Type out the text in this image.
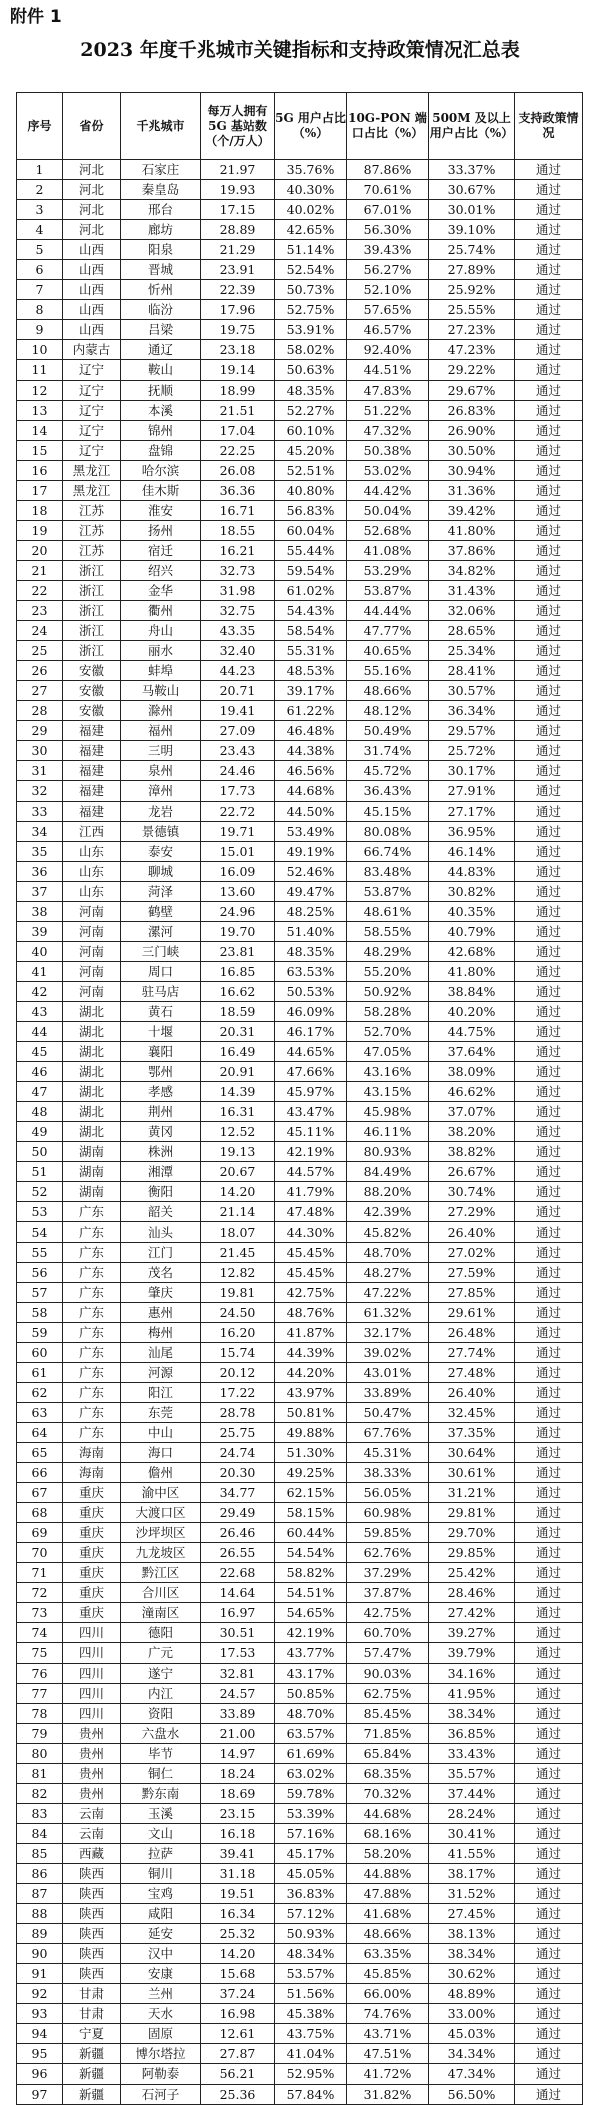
附件 1
2023 年度千兆城市关键指标和支持政策情况汇总表
序号	省份	千兆城市	每万人拥有 5G 基站数（个/万人）	5G 用户占比（%）	10G-PON 端口占比（%）	500M 及以上用户占比（%）	支持政策情况
1	河北	石家庄	21.97	35.76%	87.86%	33.37%	通过
2	河北	秦皇岛	19.93	40.30%	70.61%	30.67%	通过
3	河北	邢台	17.15	40.02%	67.01%	30.01%	通过
4	河北	廊坊	28.89	42.65%	56.30%	39.10%	通过
5	山西	阳泉	21.29	51.14%	39.43%	25.74%	通过
6	山西	晋城	23.91	52.54%	56.27%	27.89%	通过
7	山西	忻州	22.39	50.73%	52.10%	25.92%	通过
8	山西	临汾	17.96	52.75%	57.65%	25.55%	通过
9	山西	吕梁	19.75	53.91%	46.57%	27.23%	通过
10	内蒙古	通辽	23.18	58.02%	92.40%	47.23%	通过
11	辽宁	鞍山	19.14	50.63%	44.51%	29.22%	通过
12	辽宁	抚顺	18.99	48.35%	47.83%	29.67%	通过
13	辽宁	本溪	21.51	52.27%	51.22%	26.83%	通过
14	辽宁	锦州	17.04	60.10%	47.32%	26.90%	通过
15	辽宁	盘锦	22.25	45.20%	50.38%	30.50%	通过
16	黑龙江	哈尔滨	26.08	52.51%	53.02%	30.94%	通过
17	黑龙江	佳木斯	36.36	40.80%	44.42%	31.36%	通过
18	江苏	淮安	16.71	56.83%	50.04%	39.42%	通过
19	江苏	扬州	18.55	60.04%	52.68%	41.80%	通过
20	江苏	宿迁	16.21	55.44%	41.08%	37.86%	通过
21	浙江	绍兴	32.73	59.54%	53.29%	34.82%	通过
22	浙江	金华	31.98	61.02%	53.87%	31.43%	通过
23	浙江	衢州	32.75	54.43%	44.44%	32.06%	通过
24	浙江	舟山	43.35	58.54%	47.77%	28.65%	通过
25	浙江	丽水	32.40	55.31%	40.65%	25.34%	通过
26	安徽	蚌埠	44.23	48.53%	55.16%	28.41%	通过
27	安徽	马鞍山	20.71	39.17%	48.66%	30.57%	通过
28	安徽	滁州	19.41	61.22%	48.12%	36.34%	通过
29	福建	福州	27.09	46.48%	50.49%	29.57%	通过
30	福建	三明	23.43	44.38%	31.74%	25.72%	通过
31	福建	泉州	24.46	46.56%	45.72%	30.17%	通过
32	福建	漳州	17.73	44.68%	36.43%	27.91%	通过
33	福建	龙岩	22.72	44.50%	45.15%	27.17%	通过
34	江西	景德镇	19.71	53.49%	80.08%	36.95%	通过
35	山东	泰安	15.01	49.19%	66.74%	46.14%	通过
36	山东	聊城	16.09	52.46%	83.48%	44.83%	通过
37	山东	菏泽	13.60	49.47%	53.87%	30.82%	通过
38	河南	鹤壁	24.96	48.25%	48.61%	40.35%	通过
39	河南	漯河	19.70	51.40%	58.55%	40.79%	通过
40	河南	三门峡	23.81	48.35%	48.29%	42.68%	通过
41	河南	周口	16.85	63.53%	55.20%	41.80%	通过
42	河南	驻马店	16.62	50.53%	50.92%	38.84%	通过
43	湖北	黄石	18.59	46.09%	58.28%	40.20%	通过
44	湖北	十堰	20.31	46.17%	52.70%	44.75%	通过
45	湖北	襄阳	16.49	44.65%	47.05%	37.64%	通过
46	湖北	鄂州	20.91	47.66%	43.16%	38.09%	通过
47	湖北	孝感	14.39	45.97%	43.15%	46.62%	通过
48	湖北	荆州	16.31	43.47%	45.98%	37.07%	通过
49	湖北	黄冈	12.52	45.11%	46.11%	38.20%	通过
50	湖南	株洲	19.13	42.19%	80.93%	38.82%	通过
51	湖南	湘潭	20.67	44.57%	84.49%	26.67%	通过
52	湖南	衡阳	14.20	41.79%	88.20%	30.74%	通过
53	广东	韶关	21.14	47.48%	42.39%	27.29%	通过
54	广东	汕头	18.07	44.30%	45.82%	26.40%	通过
55	广东	江门	21.45	45.45%	48.70%	27.02%	通过
56	广东	茂名	12.82	45.45%	48.27%	27.59%	通过
57	广东	肇庆	19.81	42.75%	47.22%	27.85%	通过
58	广东	惠州	24.50	48.76%	61.32%	29.61%	通过
59	广东	梅州	16.20	41.87%	32.17%	26.48%	通过
60	广东	汕尾	15.74	44.39%	39.02%	27.74%	通过
61	广东	河源	20.12	44.20%	43.01%	27.48%	通过
62	广东	阳江	17.22	43.97%	33.89%	26.40%	通过
63	广东	东莞	28.78	50.81%	50.47%	32.45%	通过
64	广东	中山	25.75	49.88%	67.76%	37.35%	通过
65	海南	海口	24.74	51.30%	45.31%	30.64%	通过
66	海南	儋州	20.30	49.25%	38.33%	30.61%	通过
67	重庆	渝中区	34.77	62.15%	56.05%	31.21%	通过
68	重庆	大渡口区	29.49	58.15%	60.98%	29.81%	通过
69	重庆	沙坪坝区	26.46	60.44%	59.85%	29.70%	通过
70	重庆	九龙坡区	26.55	54.54%	62.76%	29.85%	通过
71	重庆	黔江区	22.68	58.82%	37.29%	25.42%	通过
72	重庆	合川区	14.64	54.51%	37.87%	28.46%	通过
73	重庆	潼南区	16.97	54.65%	42.75%	27.42%	通过
74	四川	德阳	30.51	42.19%	60.70%	39.27%	通过
75	四川	广元	17.53	43.77%	57.47%	39.79%	通过
76	四川	遂宁	32.81	43.17%	90.03%	34.16%	通过
77	四川	内江	24.57	50.85%	62.75%	41.95%	通过
78	四川	资阳	33.89	48.70%	85.45%	38.34%	通过
79	贵州	六盘水	21.00	63.57%	71.85%	36.85%	通过
80	贵州	毕节	14.97	61.69%	65.84%	33.43%	通过
81	贵州	铜仁	18.24	63.02%	68.35%	35.57%	通过
82	贵州	黔东南	18.69	59.78%	70.32%	37.44%	通过
83	云南	玉溪	23.15	53.39%	44.68%	28.24%	通过
84	云南	文山	16.18	57.16%	68.16%	30.41%	通过
85	西藏	拉萨	39.41	45.17%	58.20%	41.55%	通过
86	陕西	铜川	31.18	45.05%	44.88%	38.17%	通过
87	陕西	宝鸡	19.51	36.83%	47.88%	31.52%	通过
88	陕西	咸阳	16.34	57.12%	41.68%	27.45%	通过
89	陕西	延安	25.32	50.93%	48.66%	38.13%	通过
90	陕西	汉中	14.20	48.34%	63.35%	38.34%	通过
91	陕西	安康	15.68	53.57%	45.85%	30.62%	通过
92	甘肃	兰州	37.24	51.56%	66.00%	48.89%	通过
93	甘肃	天水	16.98	45.38%	74.76%	33.00%	通过
94	宁夏	固原	12.61	43.75%	43.71%	45.03%	通过
95	新疆	博尔塔拉	27.87	41.04%	47.51%	34.34%	通过
96	新疆	阿勒泰	56.21	52.95%	41.72%	47.34%	通过
97	新疆	石河子	25.36	57.84%	31.82%	56.50%	通过
